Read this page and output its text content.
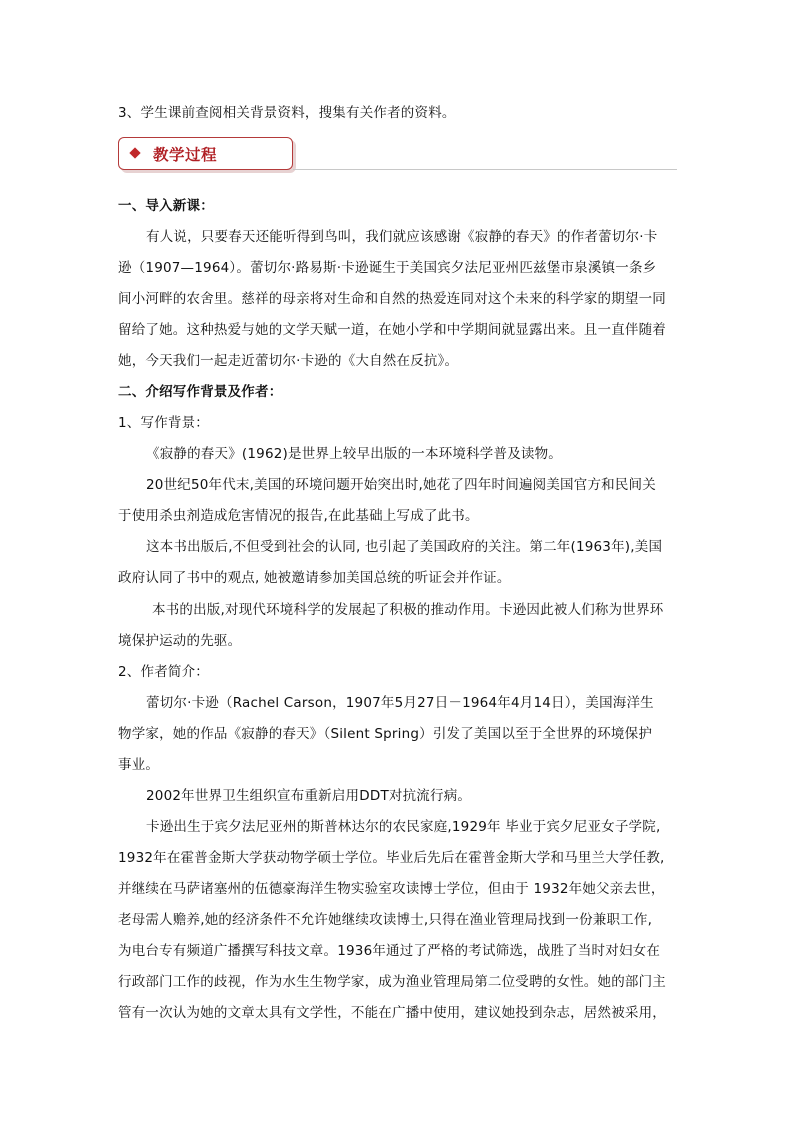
3、学生课前查阅相关背景资料，搜集有关作者的资料。
教学过程
一、导入新课：
有人说，只要春天还能听得到鸟叫，我们就应该感谢《寂静的春天》的作者蕾切尔·卡
逊（1907—1964）。蕾切尔·路易斯·卡逊诞生于美国宾夕法尼亚州匹兹堡市泉溪镇一条乡
间小河畔的农舍里。慈祥的母亲将对生命和自然的热爱连同对这个未来的科学家的期望一同
留给了她。这种热爱与她的文学天赋一道，在她小学和中学期间就显露出来。且一直伴随着
她，今天我们一起走近蕾切尔·卡逊的《大自然在反抗》。
二、介绍写作背景及作者：
1、写作背景：
《寂静的春天》(1962)是世界上较早出版的一本环境科学普及读物。
20世纪50年代末,美国的环境问题开始突出时,她花了四年时间遍阅美国官方和民间关
于使用杀虫剂造成危害情况的报告,在此基础上写成了此书。
这本书出版后,不但受到社会的认同, 也引起了美国政府的关注。第二年(1963年),美国
政府认同了书中的观点, 她被邀请参加美国总统的听证会并作证。
本书的出版,对现代环境科学的发展起了积极的推动作用。卡逊因此被人们称为世界环
境保护运动的先驱。
2、作者简介：
蕾切尔·卡逊（Rachel Carson，1907年5月27日－1964年4月14日），美国海洋生
物学家，她的作品《寂静的春天》（Silent Spring）引发了美国以至于全世界的环境保护
事业。
2002年世界卫生组织宣布重新启用DDT对抗流行病。
卡逊出生于宾夕法尼亚州的斯普林达尔的农民家庭,1929年 毕业于宾夕尼亚女子学院,
1932年在霍普金斯大学获动物学硕士学位。毕业后先后在霍普金斯大学和马里兰大学任教,
并继续在马萨诸塞州的伍德豪海洋生物实验室攻读博士学位，但由于 1932年她父亲去世，
老母需人赡养,她的经济条件不允许她继续攻读博士,只得在渔业管理局找到一份兼职工作,
为电台专有频道广播撰写科技文章。1936年通过了严格的考试筛选，战胜了当时对妇女在
行政部门工作的歧视，作为水生生物学家，成为渔业管理局第二位受聘的女性。她的部门主
管有一次认为她的文章太具有文学性，不能在广播中使用，建议她投到杂志，居然被采用，
